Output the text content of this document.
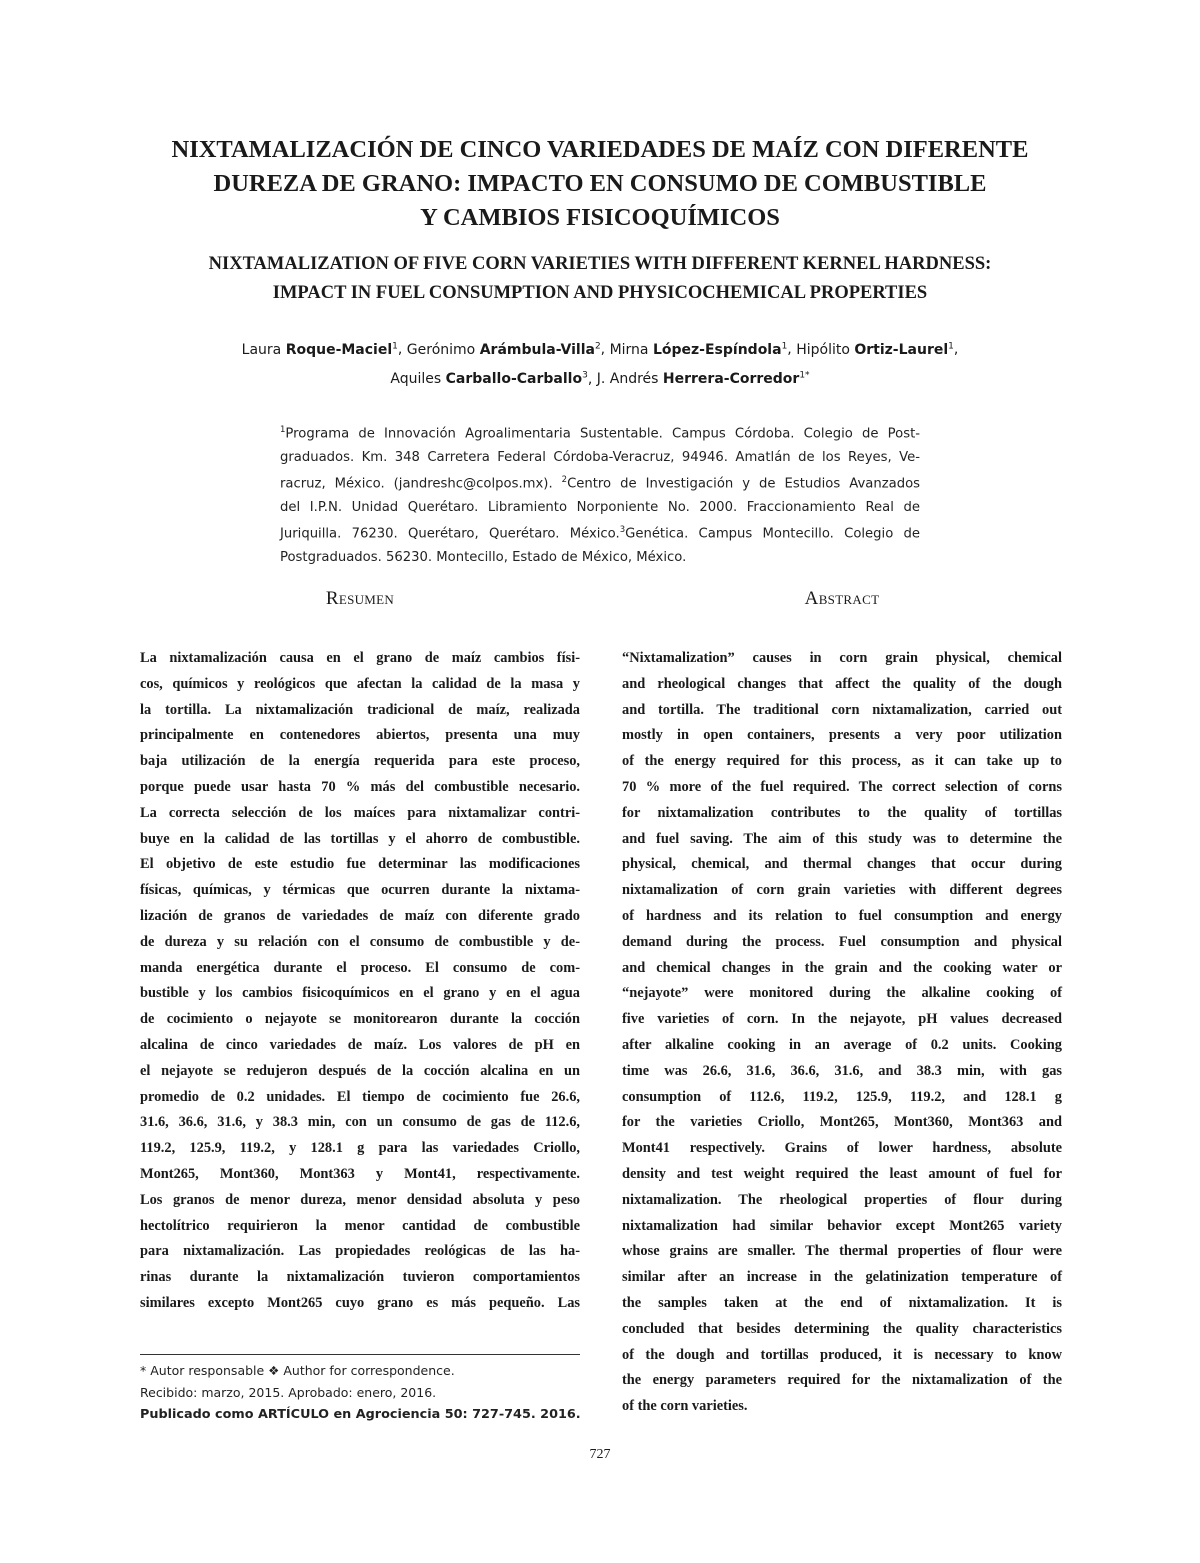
NIXTAMALIZACIÓN DE CINCO VARIEDADES DE MAÍZ CON DIFERENTE
DUREZA DE GRANO: IMPACTO EN CONSUMO DE COMBUSTIBLE
Y CAMBIOS FISICOQUÍMICOS
NIXTAMALIZATION OF FIVE CORN VARIETIES WITH DIFFERENT KERNEL HARDNESS:
IMPACT IN FUEL CONSUMPTION AND PHYSICOCHEMICAL PROPERTIES
Laura Roque-Maciel$^1$, Gerónimo Arámbula-Villa$^2$, Mirna López-Espíndola$^1$, Hipólito Ortiz-Laurel$^1$,
Aquiles Carballo-Carballo$^3$, J. Andrés Herrera-Corredor$^{1*}$
$^1$Programa de Innovación Agroalimentaria Sustentable. Campus Córdoba. Colegio de Post-
graduados. Km. 348 Carretera Federal Córdoba-Veracruz, 94946. Amatlán de los Reyes, Ve-
racruz, México. (jandreshc@colpos.mx). $^2$Centro de Investigación y de Estudios Avanzados
del I.P.N. Unidad Querétaro. Libramiento Norponiente No. 2000. Fraccionamiento Real de
Juriquilla. 76230. Querétaro, Querétaro. México.$^3$Genética. Campus Montecillo. Colegio de
Postgraduados. 56230. Montecillo, Estado de México, México.
Resumen	Abstract
La nixtamalización causa en el grano de maíz cambios físi-
cos, químicos y reológicos que afectan la calidad de la masa y
la tortilla. La nixtamalización tradicional de maíz, realizada
principalmente en contenedores abiertos, presenta una muy
baja utilización de la energía requerida para este proceso,
porque puede usar hasta 70 % más del combustible necesario.
La correcta selección de los maíces para nixtamalizar contri-
buye en la calidad de las tortillas y el ahorro de combustible.
El objetivo de este estudio fue determinar las modificaciones
físicas, químicas, y térmicas que ocurren durante la nixtama-
lización de granos de variedades de maíz con diferente grado
de dureza y su relación con el consumo de combustible y de-
manda energética durante el proceso. El consumo de com-
bustible y los cambios fisicoquímicos en el grano y en el agua
de cocimiento o nejayote se monitorearon durante la cocción
alcalina de cinco variedades de maíz. Los valores de pH en
el nejayote se redujeron después de la cocción alcalina en un
promedio de 0.2 unidades. El tiempo de cocimiento fue 26.6,
31.6, 36.6, 31.6, y 38.3 min, con un consumo de gas de 112.6,
119.2, 125.9, 119.2, y 128.1 g para las variedades Criollo,
Mont265, Mont360, Mont363 y Mont41, respectivamente.
Los granos de menor dureza, menor densidad absoluta y peso
hectolítrico requirieron la menor cantidad de combustible
para nixtamalización. Las propiedades reológicas de las ha-
rinas durante la nixtamalización tuvieron comportamientos
similares excepto Mont265 cuyo grano es más pequeño. Las
“Nixtamalization” causes in corn grain physical, chemical
and rheological changes that affect the quality of the dough
and tortilla. The traditional corn nixtamalization, carried out
mostly in open containers, presents a very poor utilization
of the energy required for this process, as it can take up to
70 % more of the fuel required. The correct selection of corns
for nixtamalization contributes to the quality of tortillas
and fuel saving. The aim of this study was to determine the
physical, chemical, and thermal changes that occur during
nixtamalization of corn grain varieties with different degrees
of hardness and its relation to fuel consumption and energy
demand during the process. Fuel consumption and physical
and chemical changes in the grain and the cooking water or
“nejayote” were monitored during the alkaline cooking of
five varieties of corn. In the nejayote, pH values decreased
after alkaline cooking in an average of 0.2 units. Cooking
time was 26.6, 31.6, 36.6, 31.6, and 38.3 min, with gas
consumption of 112.6, 119.2, 125.9, 119.2, and 128.1 g
for the varieties Criollo, Mont265, Mont360, Mont363 and
Mont41 respectively. Grains of lower hardness, absolute
density and test weight required the least amount of fuel for
nixtamalization. The rheological properties of flour during
nixtamalization had similar behavior except Mont265 variety
whose grains are smaller. The thermal properties of flour were
similar after an increase in the gelatinization temperature of
the samples taken at the end of nixtamalization. It is
concluded that besides determining the quality characteristics
of the dough and tortillas produced, it is necessary to know
the energy parameters required for the nixtamalization of the
of the corn varieties.
* Autor responsable ❖ Author for correspondence.
Recibido: marzo, 2015. Aprobado: enero, 2016.
Publicado como ARTÍCULO en Agrociencia 50: 727-745. 2016.
727
